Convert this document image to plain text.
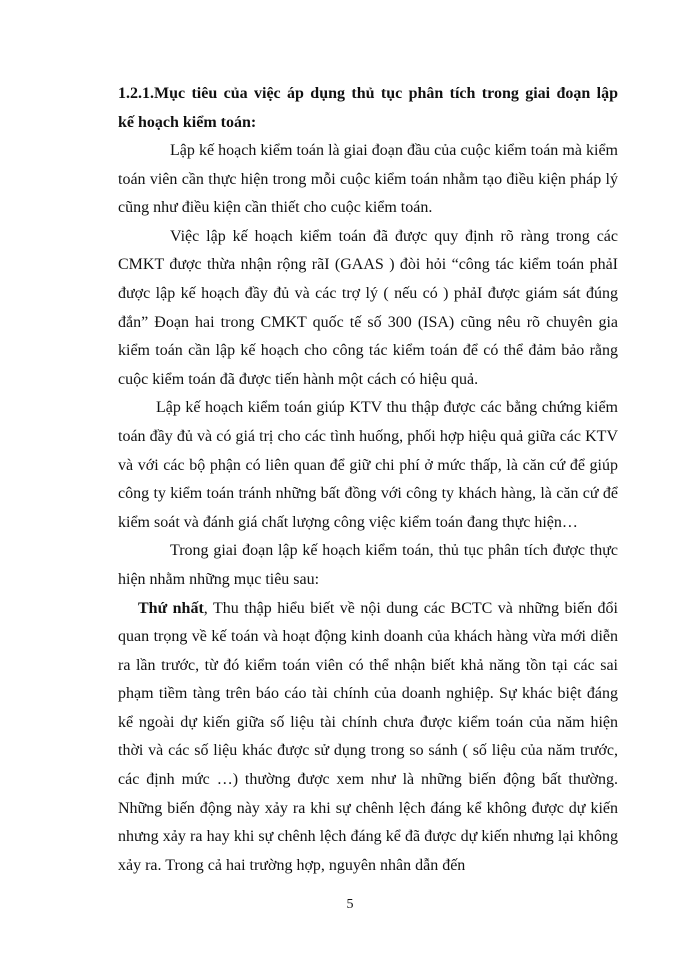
1.2.1.Mục tiêu của việc áp dụng thủ tục phân tích trong giai đoạn lập
kế hoạch kiểm toán:

Lập kế hoạch kiểm toán là giai đoạn đầu của cuộc kiểm toán mà kiểm toán viên cần thực hiện trong mỗi cuộc kiểm toán nhằm tạo điều kiện pháp lý cũng như điều kiện cần thiết cho cuộc kiểm toán.

Việc lập kế hoạch kiểm toán đã được quy định rõ ràng trong các CMKT được thừa nhận rộng rãI (GAAS ) đòi hỏi “công tác kiểm toán phảI được lập kế hoạch đầy đủ và các trợ lý ( nếu có ) phảI được giám sát đúng đắn” Đoạn hai trong CMKT quốc tế số 300 (ISA) cũng nêu rõ chuyên gia kiểm toán cần lập kế hoạch cho công tác kiểm toán để có thể đảm bảo rằng cuộc kiểm toán đã được tiến hành một cách có hiệu quả.

Lập kế hoạch kiểm toán giúp KTV thu thập được các bằng chứng kiểm toán đầy đủ và có giá trị cho các tình huống, phối hợp hiệu quả giữa các KTV và với các bộ phận có liên quan để giữ chi phí ở mức thấp, là căn cứ để giúp công ty kiểm toán tránh những bất đồng với công ty khách hàng, là căn cứ để kiểm soát và đánh giá chất lượng công việc kiểm toán đang thực hiện…

Trong giai đoạn lập kế hoạch kiểm toán, thủ tục phân tích được thực hiện nhằm những mục tiêu sau:

Thứ nhất, Thu thập hiểu biết về nội dung các BCTC và những biến đổi quan trọng về kế toán và hoạt động kinh doanh của khách hàng vừa mới diễn ra lần trước, từ đó kiểm toán viên có thể nhận biết khả năng tồn tại các sai phạm tiềm tàng trên báo cáo tài chính của doanh nghiệp. Sự khác biệt đáng kể ngoài dự kiến giữa số liệu tài chính chưa được kiểm toán của năm hiện thời và các số liệu khác được sử dụng trong so sánh ( số liệu của năm trước, các định mức …) thường được xem như là những biến động bất thường. Những biến động này xảy ra khi sự chênh lệch đáng kể không được dự kiến nhưng xảy ra hay khi sự chênh lệch đáng kể đã được dự kiến nhưng lại không xảy ra. Trong cả hai trường hợp, nguyên nhân dẫn đến

5
